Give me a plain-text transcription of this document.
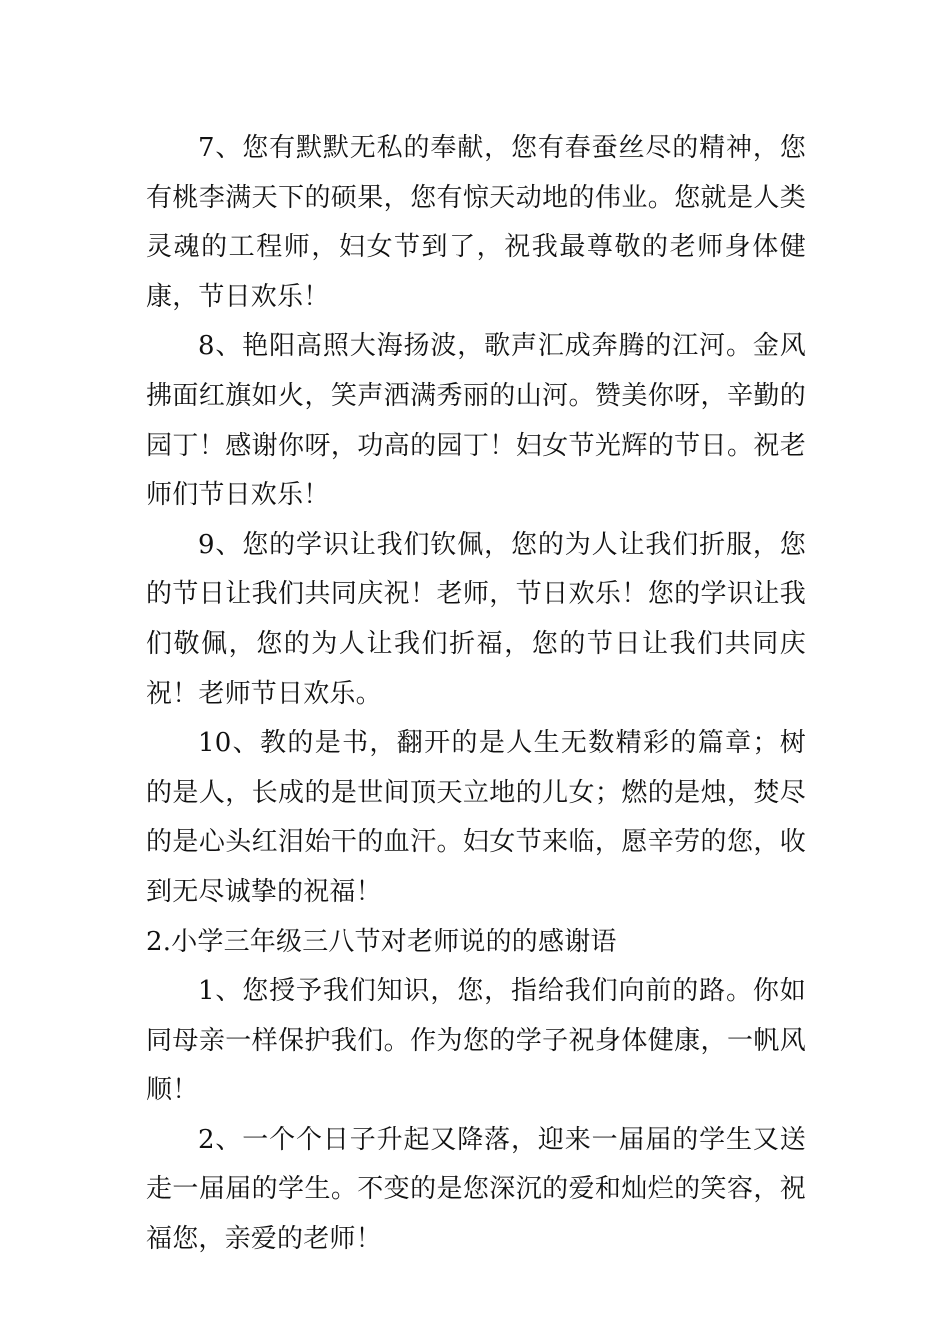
7、您有默默无私的奉献，您有春蚕丝尽的精神，您有桃李满天下的硕果，您有惊天动地的伟业。您就是人类灵魂的工程师，妇女节到了，祝我最尊敬的老师身体健康，节日欢乐！

8、艳阳高照大海扬波，歌声汇成奔腾的江河。金风拂面红旗如火，笑声洒满秀丽的山河。赞美你呀，辛勤的园丁！感谢你呀，功高的园丁！妇女节光辉的节日。祝老师们节日欢乐！

9、您的学识让我们钦佩，您的为人让我们折服，您的节日让我们共同庆祝！老师，节日欢乐！您的学识让我们敬佩，您的为人让我们折福，您的节日让我们共同庆祝！老师节日欢乐。

10、教的是书，翻开的是人生无数精彩的篇章；树的是人，长成的是世间顶天立地的儿女；燃的是烛，焚尽的是心头红泪始干的血汗。妇女节来临，愿辛劳的您，收到无尽诚挚的祝福！

2.小学三年级三八节对老师说的的感谢语

1、您授予我们知识，您，指给我们向前的路。你如同母亲一样保护我们。作为您的学子祝身体健康，一帆风顺！

2、一个个日子升起又降落，迎来一届届的学生又送走一届届的学生。不变的是您深沉的爱和灿烂的笑容，祝福您，亲爱的老师！
